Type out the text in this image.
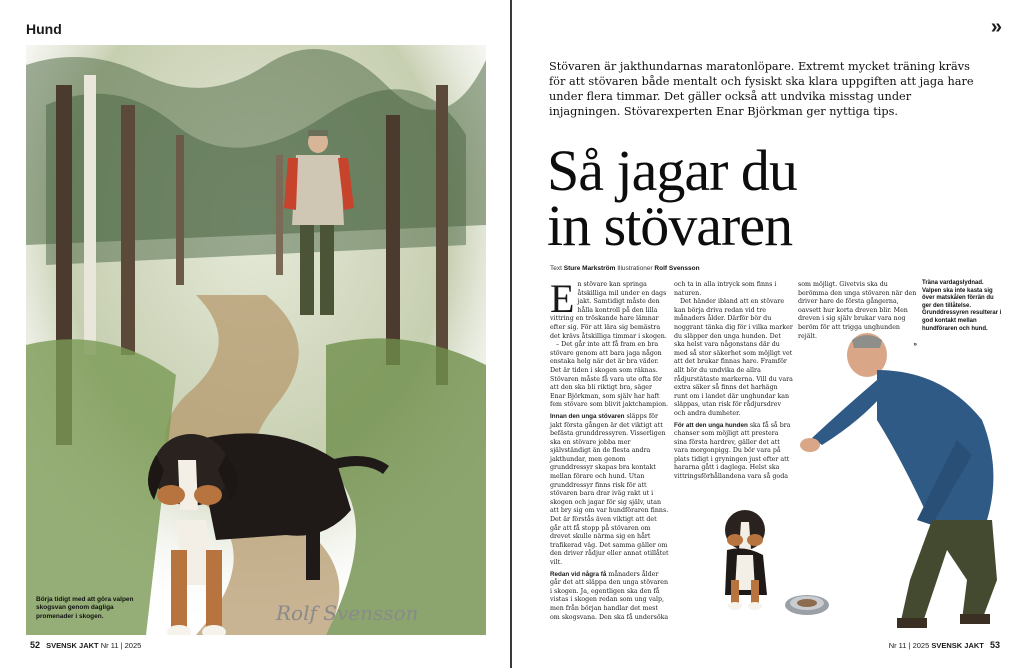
Hund
Rolf Svensson
Börja tidigt med att göra valpen skogsvan genom dagliga promenader i skogen.
52 SVENSK JAKT Nr 11 | 2025
»
Stövaren är jakthundarnas maratonlöpare. Extremt mycket träning krävs för att stövaren både mentalt och fysiskt ska klara uppgiften att jaga hare under flera timmar. Det gäller också att undvika misstag under injagningen. Stövarexperten Enar Björkman ger nyttiga tips.
Så jagar du
in stövaren
Text Sture Markström Illustrationer Rolf Svensson

En stövare kan springa åtskilliga mil under en dags jakt. Samtidigt måste den hålla kontroll på den lilla vittring en tröskande hare lämnar efter sig. För att lära sig bemästra det krävs åtskilliga timmar i skogen.

– Det går inte att få fram en bra stövare genom att bara jaga någon enstaka helg när det är bra väder. Det är tiden i skogen som räknas. Stövaren måste få vara ute ofta för att den ska bli riktigt bra, säger Enar Björkman, som själv har haft fem stövare som blivit jaktchampion.

Innan den unga stövaren släpps för jakt första gången är det viktigt att befästa grunddressyren. Visserligen ska en stövare jobba mer självständigt än de flesta andra jakthundar, men genom grunddressyr skapas bra kontakt mellan förare och hund. Utan grunddressyr finns risk för att stövaren bara drar iväg rakt ut i skogen och jagar för sig själv, utan att bry sig om var hundföraren finns. Det är förstås även viktigt att det går att få stopp på stövaren om drevet skulle närma sig en hårt trafikerad väg. Det samma gäller om den driver rådjur eller annat otillåtet vilt.

Redan vid några få månaders ålder går det att släppa den unga stövaren i skogen. Ja, egentligen ska den få vistas i skogen redan som ung valp, men från början handlar det mest om skogsvana. Den ska få undersöka

och ta in alla intryck som finns i naturen.

Det händer ibland att en stövare kan börja driva redan vid tre månaders ålder. Därför bör du noggrant tänka dig för i vilka marker du släpper den unga hunden. Det ska helst vara någonstans där du med så stor säkerhet som möjligt vet att det brukar finnas hare. Framför allt bör du undvika de allra rådjurstätaste markerna. Vill du vara extra säker så finns det harhägn runt om i landet där unghundar kan släppas, utan risk för rådjursdrev och andra dumheter.

För att den unga hunden ska få så bra chanser som möjligt att prestera sina första hardrev, gäller det att vara morgonpigg. Du bör vara på plats tidigt i gryningen just efter att hararna gått i daglega. Helst ska vittringsförhållandena vara så goda

som möjligt. Givetvis ska du berömma den unga stövaren när den driver hare de första gångerna, oavsett hur korta dreven blir. Men dreven i sig själv brukar vara nog beröm för att trigga unghunden rejält.

»

Träna vardagslydnad. Valpen ska inte kasta sig över matskålen förrän du ger den tillåtelse. Grunddressyren resulterar i god kontakt mellan hundföraren och hund.
Nr 11 | 2025 SVENSK JAKT 53
